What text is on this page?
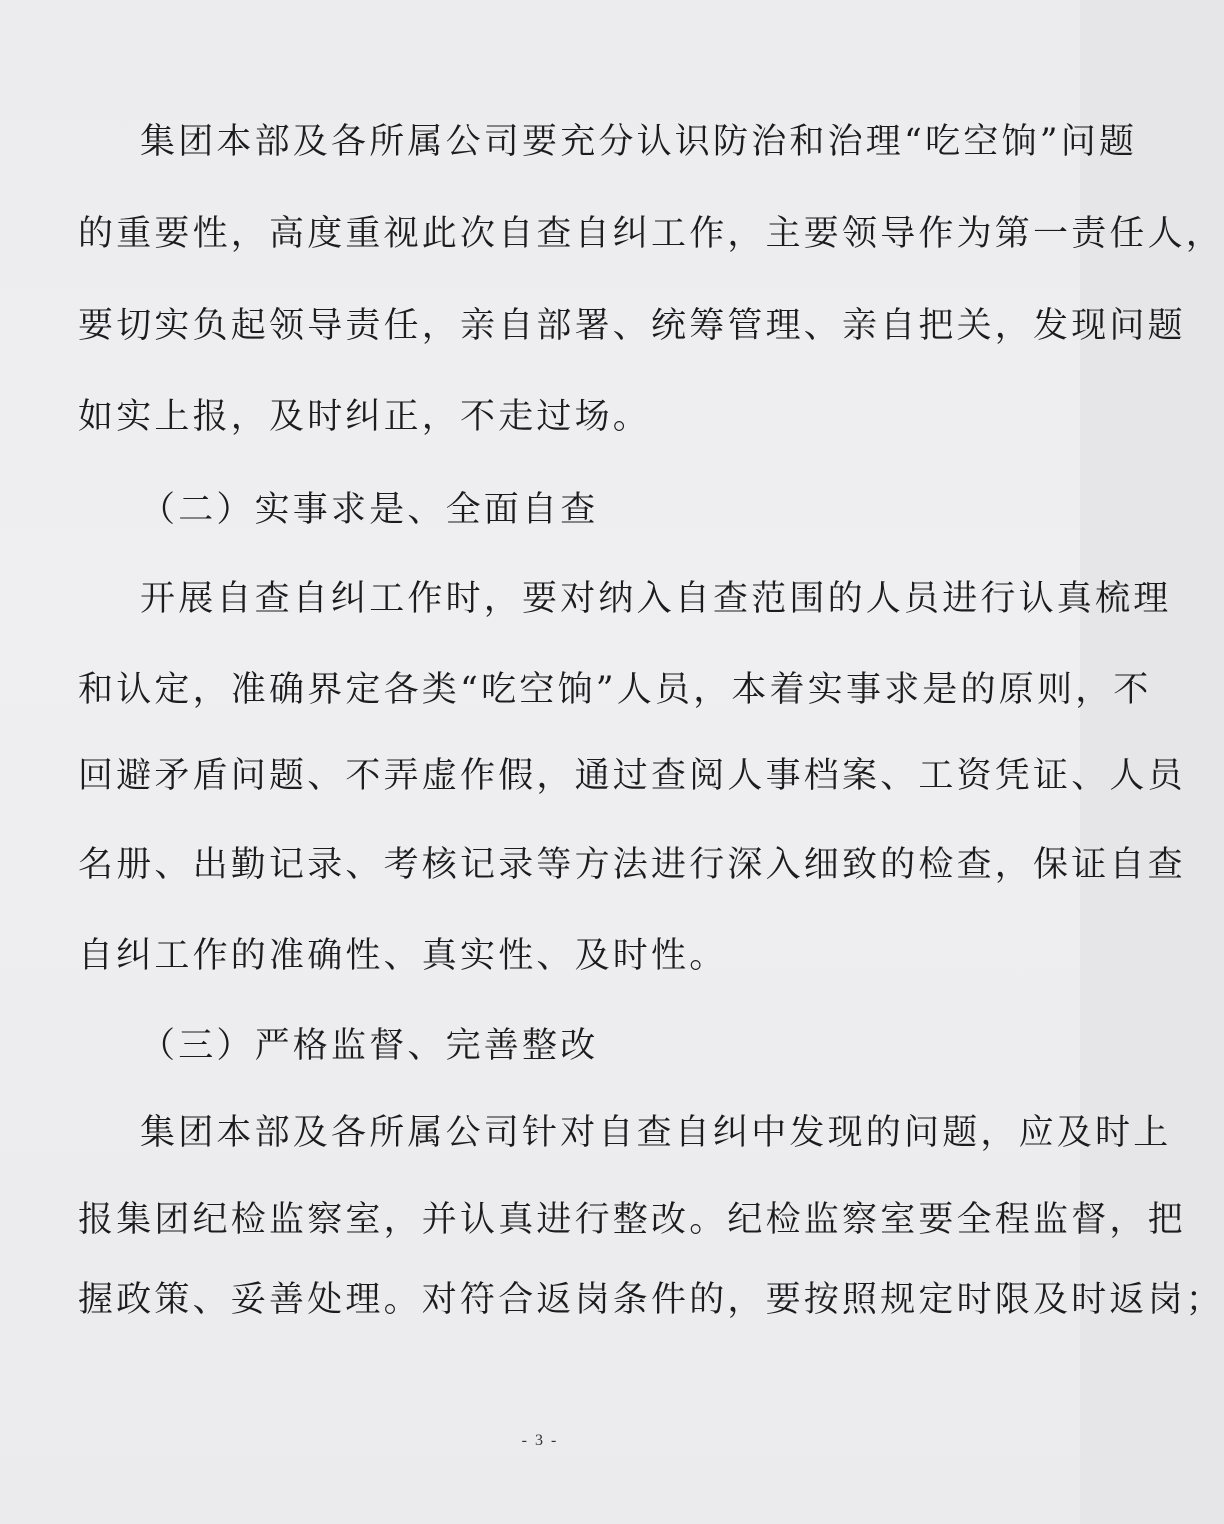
集团本部及各所属公司要充分认识防治和治理“吃空饷”问题
的重要性，高度重视此次自查自纠工作，主要领导作为第一责任人，
要切实负起领导责任，亲自部署、统筹管理、亲自把关，发现问题
如实上报，及时纠正，不走过场。
（二）实事求是、全面自查
开展自查自纠工作时，要对纳入自查范围的人员进行认真梳理
和认定，准确界定各类“吃空饷”人员，本着实事求是的原则，不
回避矛盾问题、不弄虚作假，通过查阅人事档案、工资凭证、人员
名册、出勤记录、考核记录等方法进行深入细致的检查，保证自查
自纠工作的准确性、真实性、及时性。
（三）严格监督、完善整改
集团本部及各所属公司针对自查自纠中发现的问题，应及时上
报集团纪检监察室，并认真进行整改。纪检监察室要全程监督，把
握政策、妥善处理。对符合返岗条件的，要按照规定时限及时返岗；
- 3 -
